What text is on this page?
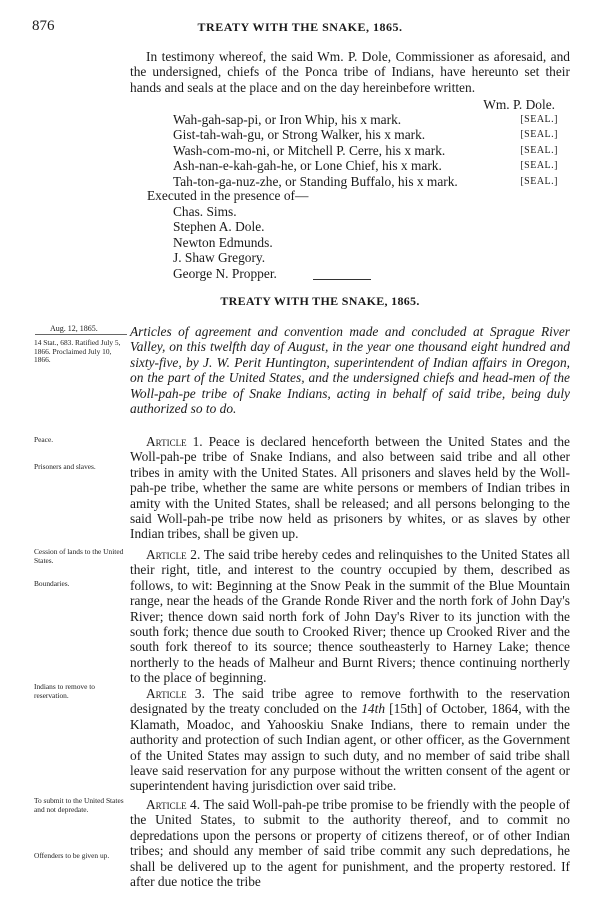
876	TREATY WITH THE SNAKE, 1865.

In testimony whereof, the said Wm. P. Dole, Commissioner as aforesaid, and the undersigned, chiefs of the Ponca tribe of Indians, have hereunto set their hands and seals at the place and on the day hereinbefore written.

Wm. P. Dole.
Wah-gah-sap-pi, or Iron Whip, his x mark.	[SEAL.]
Gist-tah-wah-gu, or Strong Walker, his x mark.	[SEAL.]
Wash-com-mo-ni, or Mitchell P. Cerre, his x mark.	[SEAL.]
Ash-nan-e-kah-gah-he, or Lone Chief, his x mark.	[SEAL.]
Tah-ton-ga-nuz-zhe, or Standing Buffalo, his x mark.	[SEAL.]
Executed in the presence of—
Chas. Sims.
Stephen A. Dole.
Newton Edmunds.
J. Shaw Gregory.
George N. Propper.
TREATY WITH THE SNAKE, 1865.
Aug. 12, 1865.
14 Stat., 683. Ratified July 5, 1866. Proclaimed July 10, 1866.
Peace.
Prisoners and slaves.
Cession of lands to the United States.
Boundaries.
Indians to remove to reservation.
To submit to the United States and not depredate.
Offenders to be given up.
Articles of agreement and convention made and concluded at Sprague River Valley, on this twelfth day of August, in the year one thousand eight hundred and sixty-five, by J. W. Perit Huntington, superintendent of Indian affairs in Oregon, on the part of the United States, and the undersigned chiefs and head-men of the Woll-pah-pe tribe of Snake Indians, acting in behalf of said tribe, being duly authorized so to do.

Article 1. Peace is declared henceforth between the United States and the Woll-pah-pe tribe of Snake Indians, and also between said tribe and all other tribes in amity with the United States. All prisoners and slaves held by the Woll-pah-pe tribe, whether the same are white persons or members of Indian tribes in amity with the United States, shall be released; and all persons belonging to the said Woll-pah-pe tribe now held as prisoners by whites, or as slaves by other Indian tribes, shall be given up.

Article 2. The said tribe hereby cedes and relinquishes to the United States all their right, title, and interest to the country occupied by them, described as follows, to wit: Beginning at the Snow Peak in the summit of the Blue Mountain range, near the heads of the Grande Ronde River and the north fork of John Day's River; thence down said north fork of John Day's River to its junction with the south fork; thence due south to Crooked River; thence up Crooked River and the south fork thereof to its source; thence southeasterly to Harney Lake; thence northerly to the heads of Malheur and Burnt Rivers; thence continuing northerly to the place of beginning.

Article 3. The said tribe agree to remove forthwith to the reservation designated by the treaty concluded on the 14th [15th] of October, 1864, with the Klamath, Moadoc, and Yahooskiu Snake Indians, there to remain under the authority and protection of such Indian agent, or other officer, as the Government of the United States may assign to such duty, and no member of said tribe shall leave said reservation for any purpose without the written consent of the agent or superintendent having jurisdiction over said tribe.

Article 4. The said Woll-pah-pe tribe promise to be friendly with the people of the United States, to submit to the authority thereof, and to commit no depredations upon the persons or property of citizens thereof, or of other Indian tribes; and should any member of said tribe commit any such depredations, he shall be delivered up to the agent for punishment, and the property restored. If after due notice the tribe
